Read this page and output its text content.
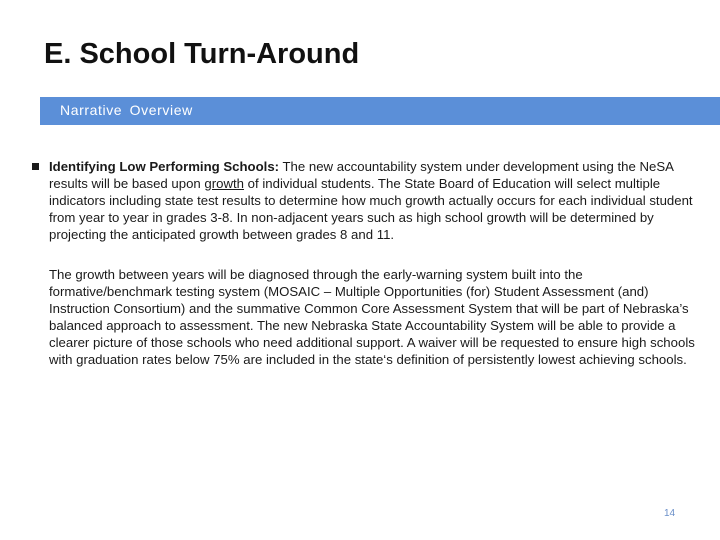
E. School Turn-Around
Narrative Overview

Identifying Low Performing Schools: The new accountability system under development using the NeSA results will be based upon growth of individual students. The State Board of Education will select multiple indicators including state test results to determine how much growth actually occurs for each individual student from year to year in grades 3-8. In non-adjacent years such as high school growth will be determined by projecting the anticipated growth between grades 8 and 11.

The growth between years will be diagnosed through the early-warning system built into the formative/benchmark testing system (MOSAIC – Multiple Opportunities (for) Student Assessment (and) Instruction Consortium) and the summative Common Core Assessment System that will be part of Nebraska’s balanced approach to assessment. The new Nebraska State Accountability System will be able to provide a clearer picture of those schools who need additional support. A waiver will be requested to ensure high schools with graduation rates below 75% are included in the state‘s definition of persistently lowest achieving schools.

14
